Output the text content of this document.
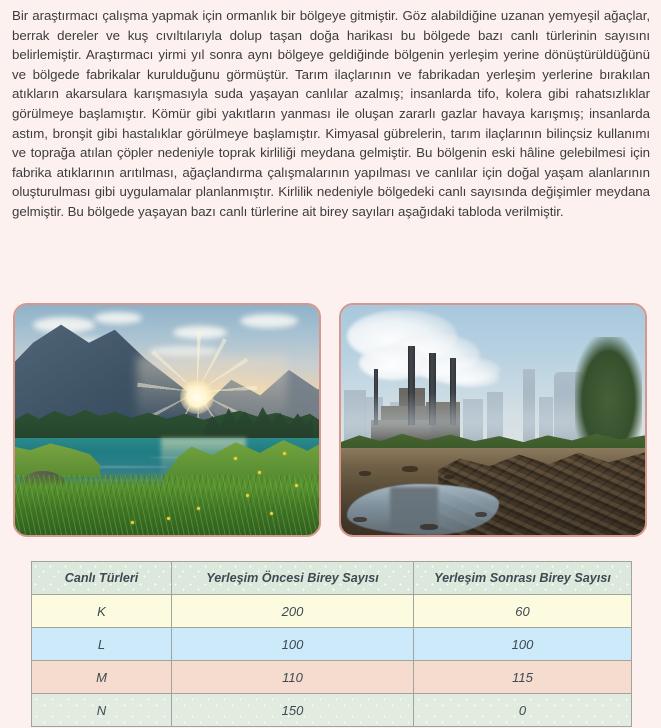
Bir araştırmacı çalışma yapmak için ormanlık bir bölgeye gitmiştir. Göz alabildiğine uzanan yemyeşil ağaçlar, berrak dereler ve kuş cıvıltılarıyla dolup taşan doğa harikası bu bölgede bazı canlı türlerinin sayısını belirlemiştir. Araştırmacı yirmi yıl sonra aynı bölgeye geldiğinde bölgenin yerleşim yerine dönüştürüldüğünü ve bölgede fabrikalar kurulduğunu görmüştür. Tarım ilaçlarının ve fabrikadan yerleşim yerlerine bırakılan atıkların akarsulara karışmasıyla suda yaşayan canlılar azalmış; insanlarda tifo, kolera gibi rahatsızlıklar görülmeye başlamıştır. Kömür gibi yakıtların yanması ile oluşan zararlı gazlar havaya karışmış; insanlarda astım, bronşit gibi hastalıklar görülmeye başlamıştır. Kimyasal gübrelerin, tarım ilaçlarının bilinçsiz kullanımı ve toprağa atılan çöpler nedeniyle toprak kirliliği meydana gelmiştir. Bu bölgenin eski hâline gelebilmesi için fabrika atıklarının arıtılması, ağaçlandırma çalışmalarının yapılması ve canlılar için doğal yaşam alanlarının oluşturulması gibi uygulamalar planlanmıştır. Kirlilik nedeniyle bölgedeki canlı sayısında değişimler meydana gelmiştir. Bu bölgede yaşayan bazı canlı türlerine ait birey sayıları aşağıdaki tabloda verilmiştir.

Canlı Türleri	Yerleşim Öncesi Birey Sayısı	Yerleşim Sonrası Birey Sayısı
K	200	60
L	100	100
M	110	115
N	150	0
